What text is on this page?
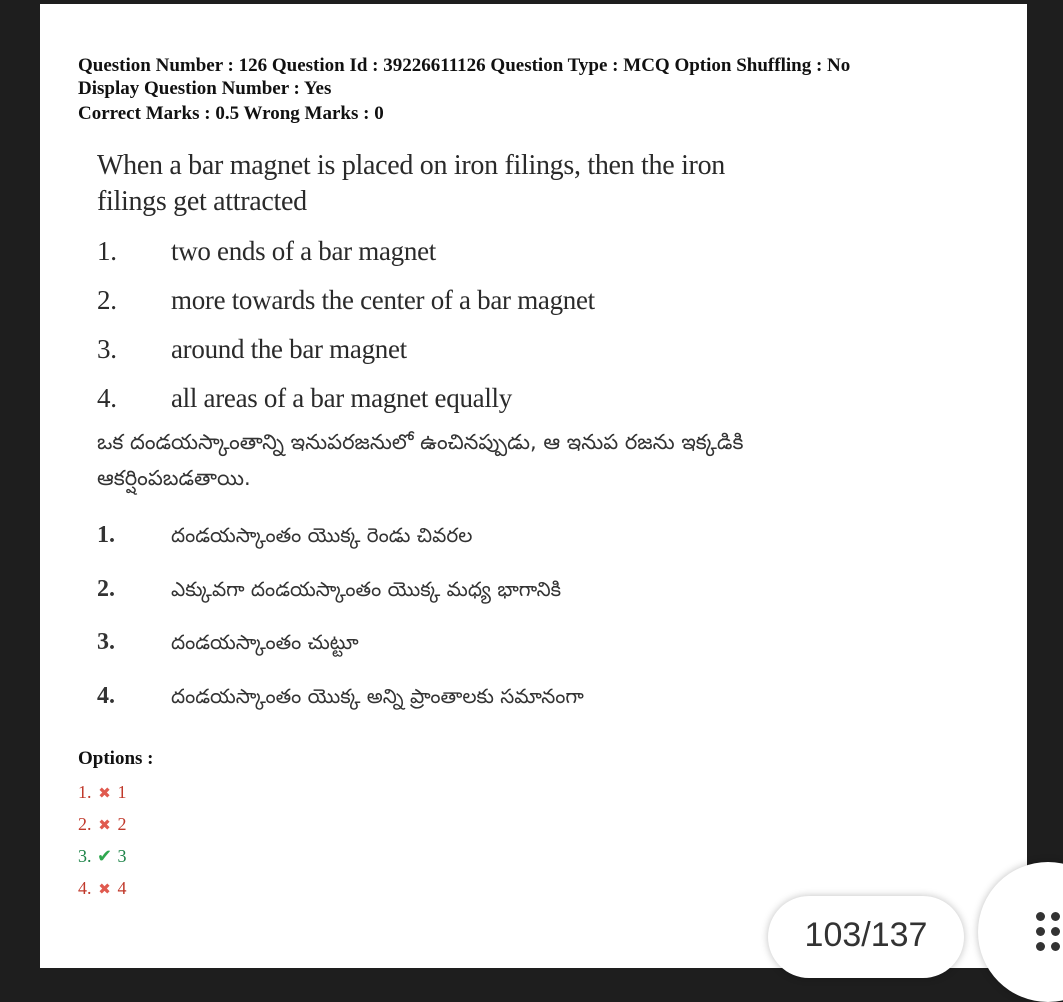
Question Number : 126 Question Id : 39226611126 Question Type : MCQ Option Shuffling : No
Display Question Number : Yes
Correct Marks : 0.5 Wrong Marks : 0
When a bar magnet is placed on iron filings, then the iron filings get attracted
1. two ends of a bar magnet
2. more towards the center of a bar magnet
3. around the bar magnet
4. all areas of a bar magnet equally
ఒక దండయస్కాంతాన్ని ఇనుపరజనులో ఉంచినప్పుడు, ఆ ఇనుప రజను ఇక్కడికి ఆకర్షింపబడతాయి.
1.	దండయస్కాంతం యొక్క రెండు చివరల
2.	ఎక్కువగా దండయస్కాంతం యొక్క మధ్య భాగానికి
3.	దండయస్కాంతం చుట్టూ
4.	దండయస్కాంతం యొక్క అన్ని ప్రాంతాలకు సమానంగా
Options :
1. ✖ 1
2. ✖ 2
3. ✔ 3
4. ✖ 4
103/137
